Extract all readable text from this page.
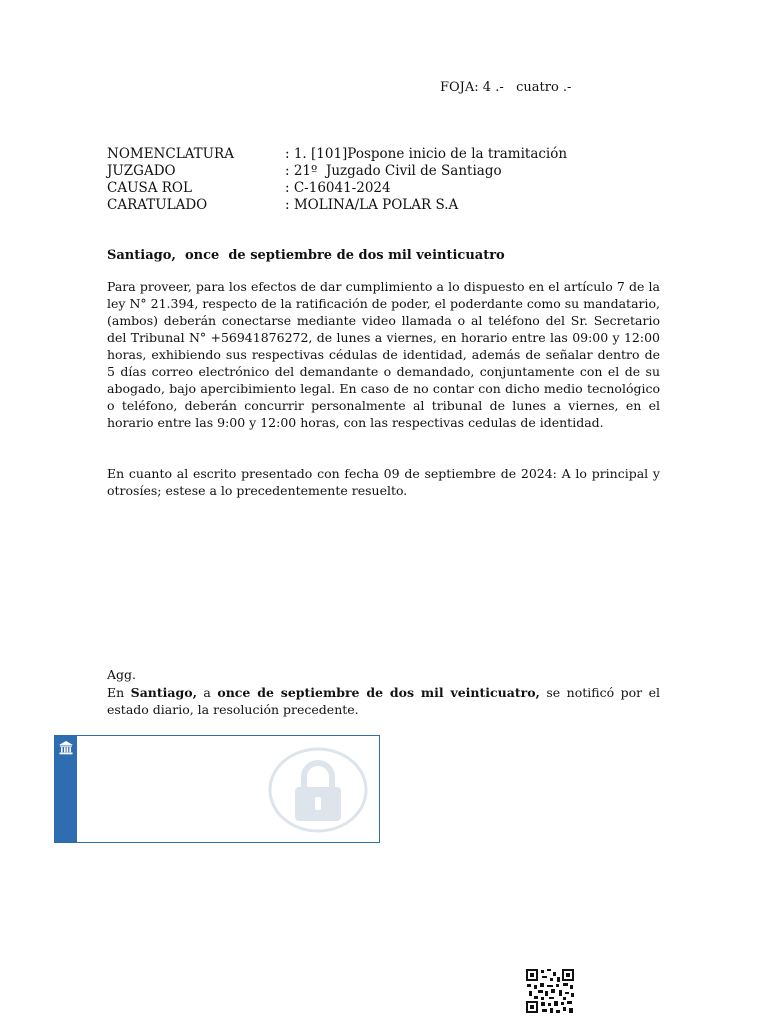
FOJA: 4 .-   cuatro .-
NOMENCLATURA	: 1. [101]Pospone inicio de la tramitación
JUZGADO	: 21º  Juzgado Civil de Santiago
CAUSA ROL	: C-16041-2024
CARATULADO	: MOLINA/LA POLAR S.A
Santiago,  once  de septiembre de dos mil veinticuatro

Para proveer, para los efectos de dar cumplimiento a lo dispuesto en el artículo 7 de la ley N° 21.394, respecto de la ratificación de poder, el poderdante como su mandatario, (ambos) deberán conectarse mediante video llamada o al teléfono del Sr. Secretario del Tribunal N° +56941876272, de lunes a viernes, en horario entre las 09:00 y 12:00 horas, exhibiendo sus respectivas cédulas de identidad, además de señalar dentro de 5 días correo electrónico del demandante o demandado, conjuntamente con el de su abogado, bajo apercibimiento legal. En caso de no contar con dicho medio tecnológico o teléfono, deberán concurrir personalmente al tribunal de lunes a viernes, en el horario entre las 9:00 y 12:00 horas, con las respectivas cedulas de identidad.

En cuanto al escrito presentado con fecha 09 de septiembre de 2024: A lo principal y otrosíes; estese a lo precedentemente resuelto.

Agg.

En Santiago, a once de septiembre de dos mil veinticuatro, se notificó por el estado diario, la resolución precedente.
